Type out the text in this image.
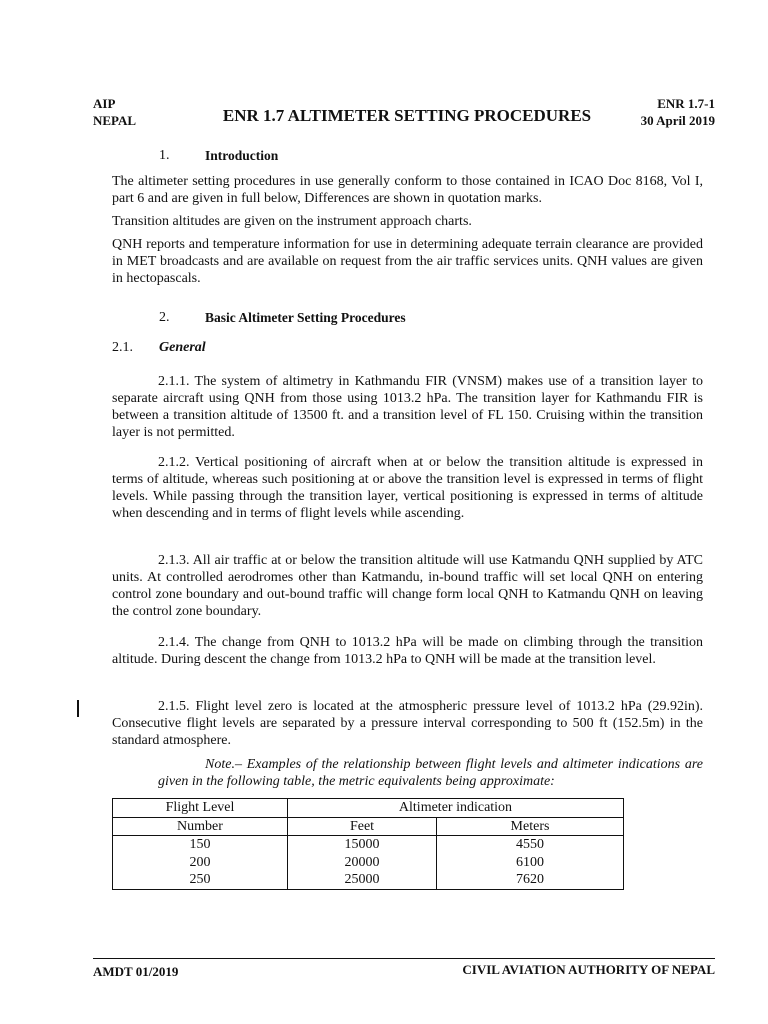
AIP
NEPAL
ENR 1.7-1
30 April 2019
ENR 1.7 ALTIMETER SETTING PROCEDURES
1.	Introduction
The altimeter setting procedures in use generally conform to those contained in ICAO Doc 8168, Vol I, part 6 and are given in full below, Differences are shown in quotation marks.
Transition altitudes are given on the instrument approach charts.
QNH reports and temperature information for use in determining adequate terrain clearance are provided in MET broadcasts and are available on request from the air traffic services units. QNH values are given in hectopascals.
2.	Basic Altimeter Setting Procedures
2.1. General
2.1.1. The system of altimetry in Kathmandu FIR (VNSM) makes use of a transition layer to separate aircraft using QNH from those using 1013.2 hPa. The transition layer for Kathmandu FIR is between a transition altitude of 13500 ft. and a transition level of FL 150. Cruising within the transition layer is not permitted.
2.1.2. Vertical positioning of aircraft when at or below the transition altitude is expressed in terms of altitude, whereas such positioning at or above the transition level is expressed in terms of flight levels. While passing through the transition layer, vertical positioning is expressed in terms of altitude when descending and in terms of flight levels while ascending.
2.1.3. All air traffic at or below the transition altitude will use Katmandu QNH supplied by ATC units. At controlled aerodromes other than Katmandu, in-bound traffic will set local QNH on entering control zone boundary and out-bound traffic will change form local QNH to Katmandu QNH on leaving the control zone boundary.
2.1.4. The change from QNH to 1013.2 hPa will be made on climbing through the transition altitude. During descent the change from 1013.2 hPa to QNH will be made at the transition level.
2.1.5. Flight level zero is located at the atmospheric pressure level of 1013.2 hPa (29.92in). Consecutive flight levels are separated by a pressure interval corresponding to 500 ft (152.5m) in the standard atmosphere.
Note.– Examples of the relationship between flight levels and altimeter indications are given in the following table, the metric equivalents being approximate:
Flight Level	Altimeter indication	
Number	Feet	Meters
150	15000	4550
200	20000	6100
250	25000	7620
AMDT 01/2019	CIVIL AVIATION AUTHORITY OF NEPAL
